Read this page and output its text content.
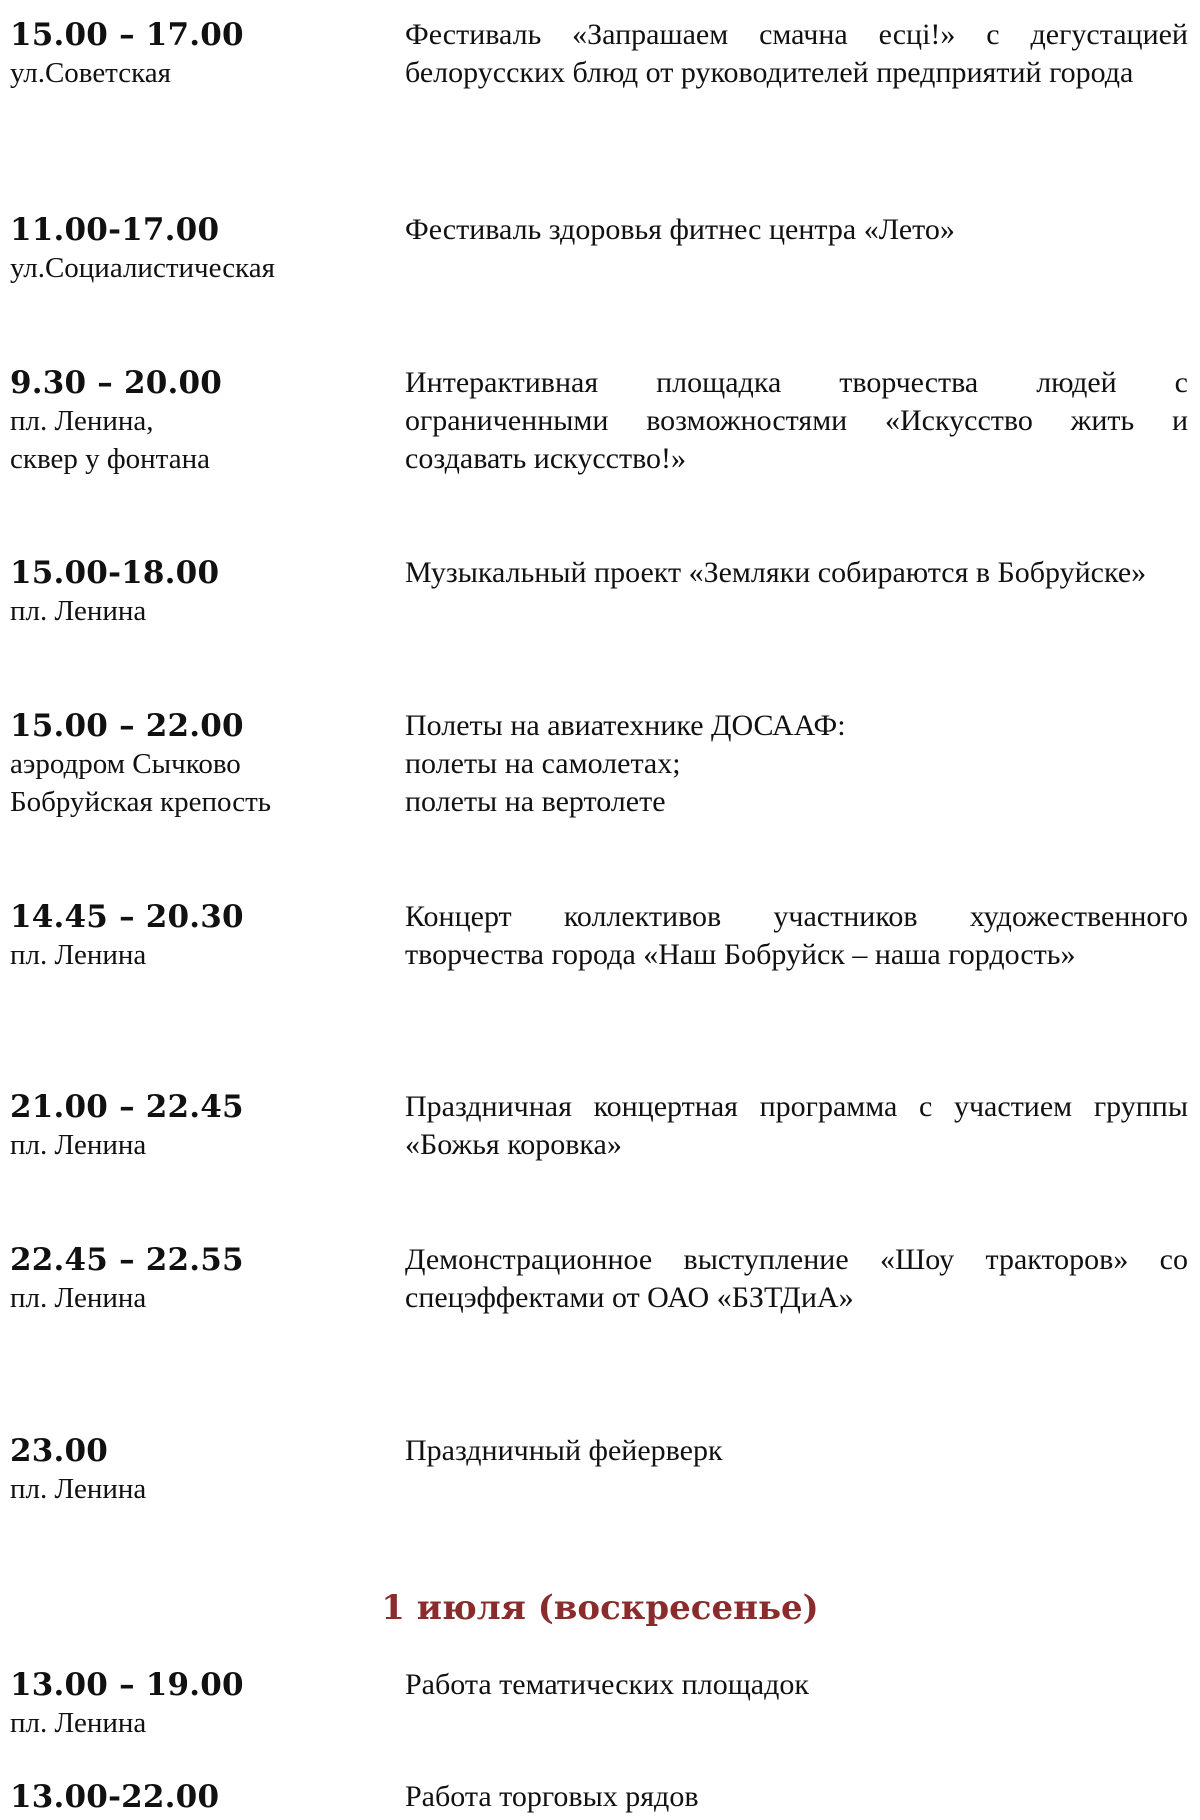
15.00 – 17.00
ул.Советская
Фестиваль «Запрашаем смачна есці!» с дегустацией белорусских блюд от руководителей предприятий города
11.00-17.00
ул.Социалистическая
Фестиваль здоровья фитнес центра «Лето»
9.30 – 20.00
пл. Ленина,
сквер у фонтана
Интерактивная площадка творчества людей с ограниченными возможностями «Искусство жить и создавать искусство!»
15.00-18.00
пл. Ленина
Музыкальный проект «Земляки собираются в Бобруйске»
15.00 – 22.00
аэродром Сычково
Бобруйская крепость
Полеты на авиатехнике ДОСААФ:
полеты на самолетах;
полеты на вертолете
14.45 – 20.30
пл. Ленина
Концерт коллективов участников художественного творчества города «Наш Бобруйск – наша гордость»
21.00 – 22.45
пл. Ленина
Праздничная концертная программа с участием группы «Божья коровка»
22.45 – 22.55
пл. Ленина
Демонстрационное выступление «Шоу тракторов» со спецэффектами от ОАО «БЗТДиА»
23.00
пл. Ленина
Праздничный фейерверк
1 июля (воскресенье)
13.00 – 19.00
пл. Ленина
Работа тематических площадок
13.00-22.00	Работа торговых рядов
